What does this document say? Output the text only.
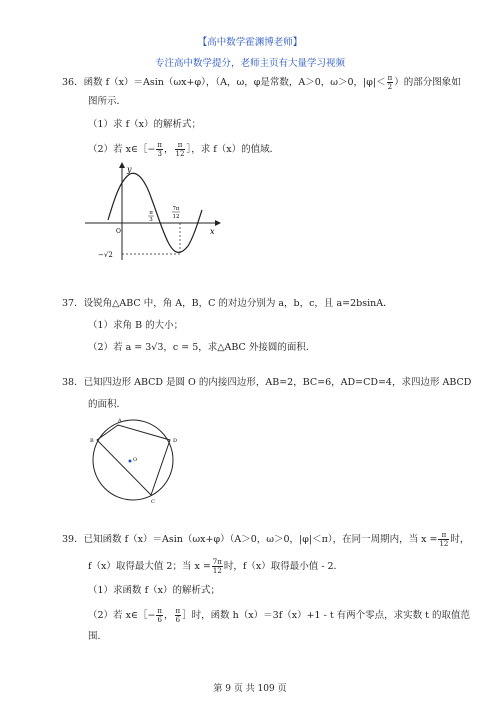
【高中数学霍渊博老师】
专注高中数学提分，老师主页有大量学习视频
36．函数 f（x）＝Asin（ωx+φ），（A，ω，φ是常数，A＞0，ω＞0，$|\varphi|< \frac{\pi}{2}$ ）的部分图象如
图所示．
（1）求 f（x）的解析式；
（2）若 x∈［− $\frac{\pi}{3}$ ， $\frac{\pi}{12}$ ］，求 f（x）的值域．
y
x
O
π
3
7π
12
−√2
37．设锐角△ABC 中，角 A，B，C 的对边分别为 a，b，c，且 a=2bsinA．
（1）求角 B 的大小；
（2）若 a = 3√3，c = 5，求△ABC 外接圆的面积．
38．已知四边形 ABCD 是圆 O 的内接四边形，AB=2，BC=6，AD=CD=4，求四边形 ABCD
的面积．
A
B
C
D
O
39．已知函数 f（x）＝Asin（ωx+φ）（A＞0，ω＞0，|φ|＜π），在同一周期内，当 $x = \frac{\pi}{12}$ 时，
f（x）取得最大值 2；当 $x = \frac{7\pi}{12}$ 时，f（x）取得最小值 - 2．
（1）求函数 f（x）的解析式；
（2）若 x∈［− $\frac{\pi}{6}$ ， $\frac{\pi}{6}$ ］时，函数 h（x）＝3f（x）+1 - t 有两个零点，求实数 t 的取值范
围．
第 9 页 共 109 页
